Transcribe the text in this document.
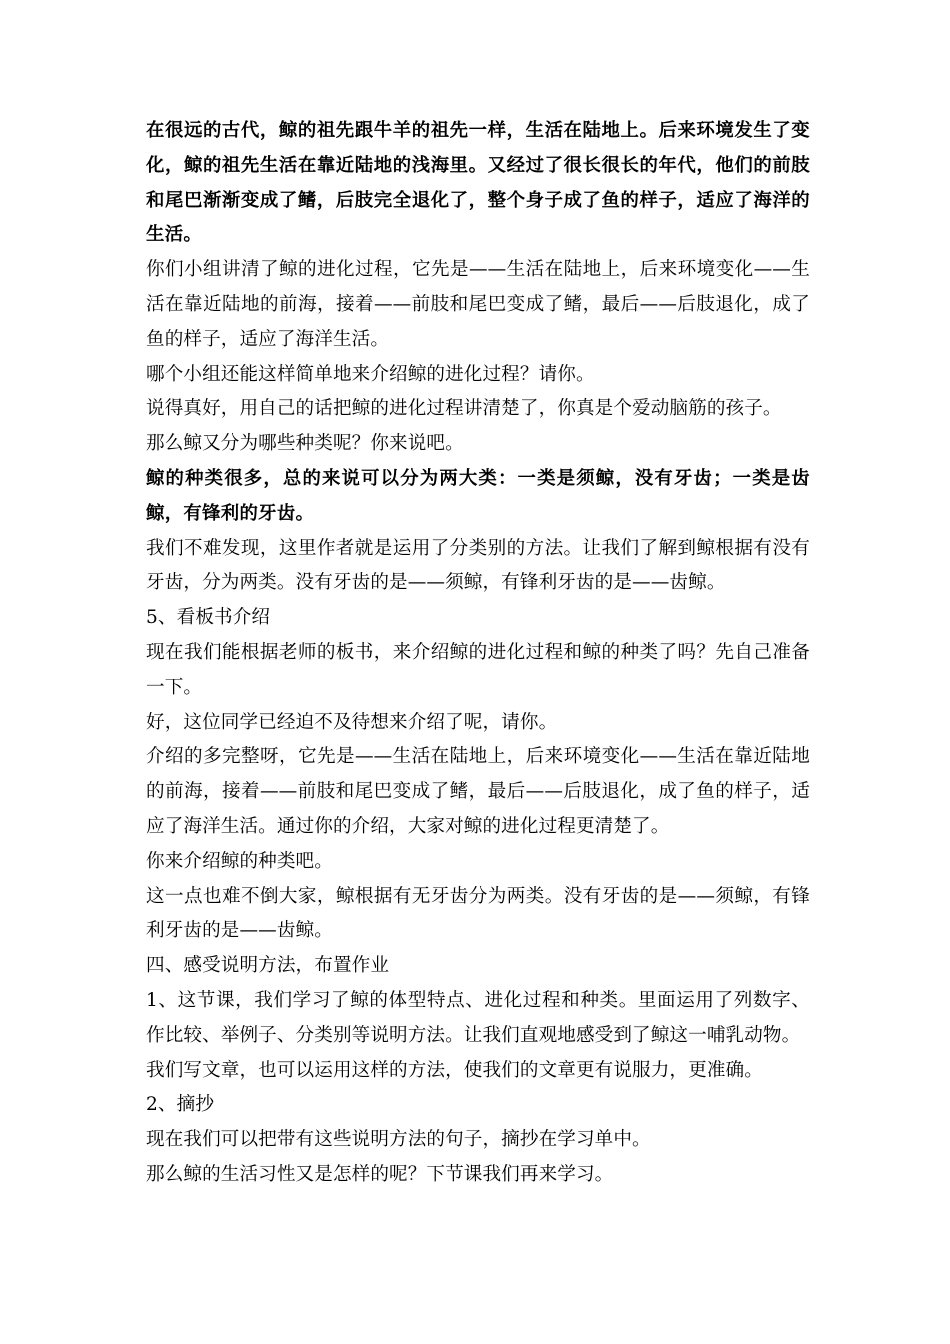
在很远的古代，鲸的祖先跟牛羊的祖先一样，生活在陆地上。后来环境发生了变化，鲸的祖先生活在靠近陆地的浅海里。又经过了很长很长的年代，他们的前肢和尾巴渐渐变成了鳍，后肢完全退化了，整个身子成了鱼的样子，适应了海洋的生活。

你们小组讲清了鲸的进化过程，它先是——生活在陆地上，后来环境变化——生活在靠近陆地的前海，接着——前肢和尾巴变成了鳍，最后——后肢退化，成了鱼的样子，适应了海洋生活。

哪个小组还能这样简单地来介绍鲸的进化过程？请你。

说得真好，用自己的话把鲸的进化过程讲清楚了，你真是个爱动脑筋的孩子。

那么鲸又分为哪些种类呢？你来说吧。

鲸的种类很多，总的来说可以分为两大类：一类是须鲸，没有牙齿；一类是齿鲸，有锋利的牙齿。

我们不难发现，这里作者就是运用了分类别的方法。让我们了解到鲸根据有没有牙齿，分为两类。没有牙齿的是——须鲸，有锋利牙齿的是——齿鲸。

5、看板书介绍

现在我们能根据老师的板书，来介绍鲸的进化过程和鲸的种类了吗？先自己准备一下。

好，这位同学已经迫不及待想来介绍了呢，请你。

介绍的多完整呀，它先是——生活在陆地上，后来环境变化——生活在靠近陆地的前海，接着——前肢和尾巴变成了鳍，最后——后肢退化，成了鱼的样子，适应了海洋生活。通过你的介绍，大家对鲸的进化过程更清楚了。

你来介绍鲸的种类吧。

这一点也难不倒大家，鲸根据有无牙齿分为两类。没有牙齿的是——须鲸，有锋利牙齿的是——齿鲸。

四、感受说明方法，布置作业

1、这节课，我们学习了鲸的体型特点、进化过程和种类。里面运用了列数字、作比较、举例子、分类别等说明方法。让我们直观地感受到了鲸这一哺乳动物。

我们写文章，也可以运用这样的方法，使我们的文章更有说服力，更准确。

2、摘抄

现在我们可以把带有这些说明方法的句子，摘抄在学习单中。

那么鲸的生活习性又是怎样的呢？下节课我们再来学习。
